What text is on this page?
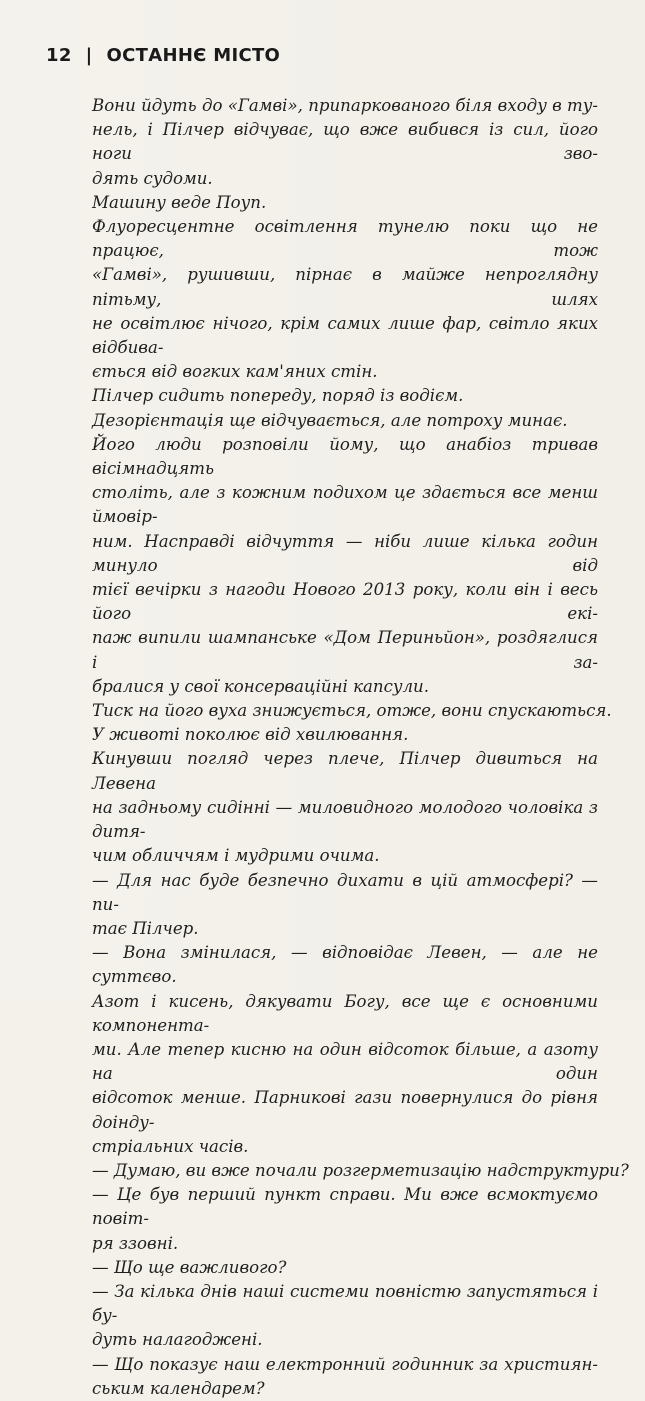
12 | ОСТАННЄ МІСТО

Вони йдуть до «Гамві», припаркованого біля входу в ту-
нель, і Пілчер відчуває, що вже вибився із сил, його ноги зво-
дять судоми.

Машину веде Поуп.

Флуоресцентне освітлення тунелю поки що не працює, тож
«Гамві», рушивши, пірнає в майже непроглядну пітьму, шлях
не освітлює нічого, крім самих лише фар, світло яких відбива-
ється від вогких кам'яних стін.

Пілчер сидить попереду, поряд із водієм.

Дезорієнтація ще відчувається, але потроху минає.

Його люди розповіли йому, що анабіоз тривав вісімнадцять
століть, але з кожним подихом це здається все менш ймовір-
ним. Насправді відчуття — ніби лише кілька годин минуло від
тієї вечірки з нагоди Нового 2013 року, коли він і весь його екі-
паж випили шампанське «Дом Периньйон», роздяглися і за-
бралися у свої консерваційні капсули.

Тиск на його вуха знижується, отже, вони спускаються.

У животі поколює від хвилювання.

Кинувши погляд через плече, Пілчер дивиться на Левена
на задньому сидінні — миловидного молодого чоловіка з дитя-
чим обличчям і мудрими очима.

— Для нас буде безпечно дихати в цій атмосфері? — пи-
тає Пілчер.

— Вона змінилася, — відповідає Левен, — але не суттєво.
Азот і кисень, дякувати Богу, все ще є основними компонента-
ми. Але тепер кисню на один відсоток більше, а азоту на один
відсоток менше. Парникові гази повернулися до рівня доінду-
стріальних часів.

— Думаю, ви вже почали розгерметизацію надструктури?

— Це був перший пункт справи. Ми вже всмоктуємо повіт-
ря ззовні.

— Що ще важливого?

— За кілька днів наші системи повністю запустяться і бу-
дуть налагоджені.

— Що показує наш електронний годинник за християн-
ським календарем?
